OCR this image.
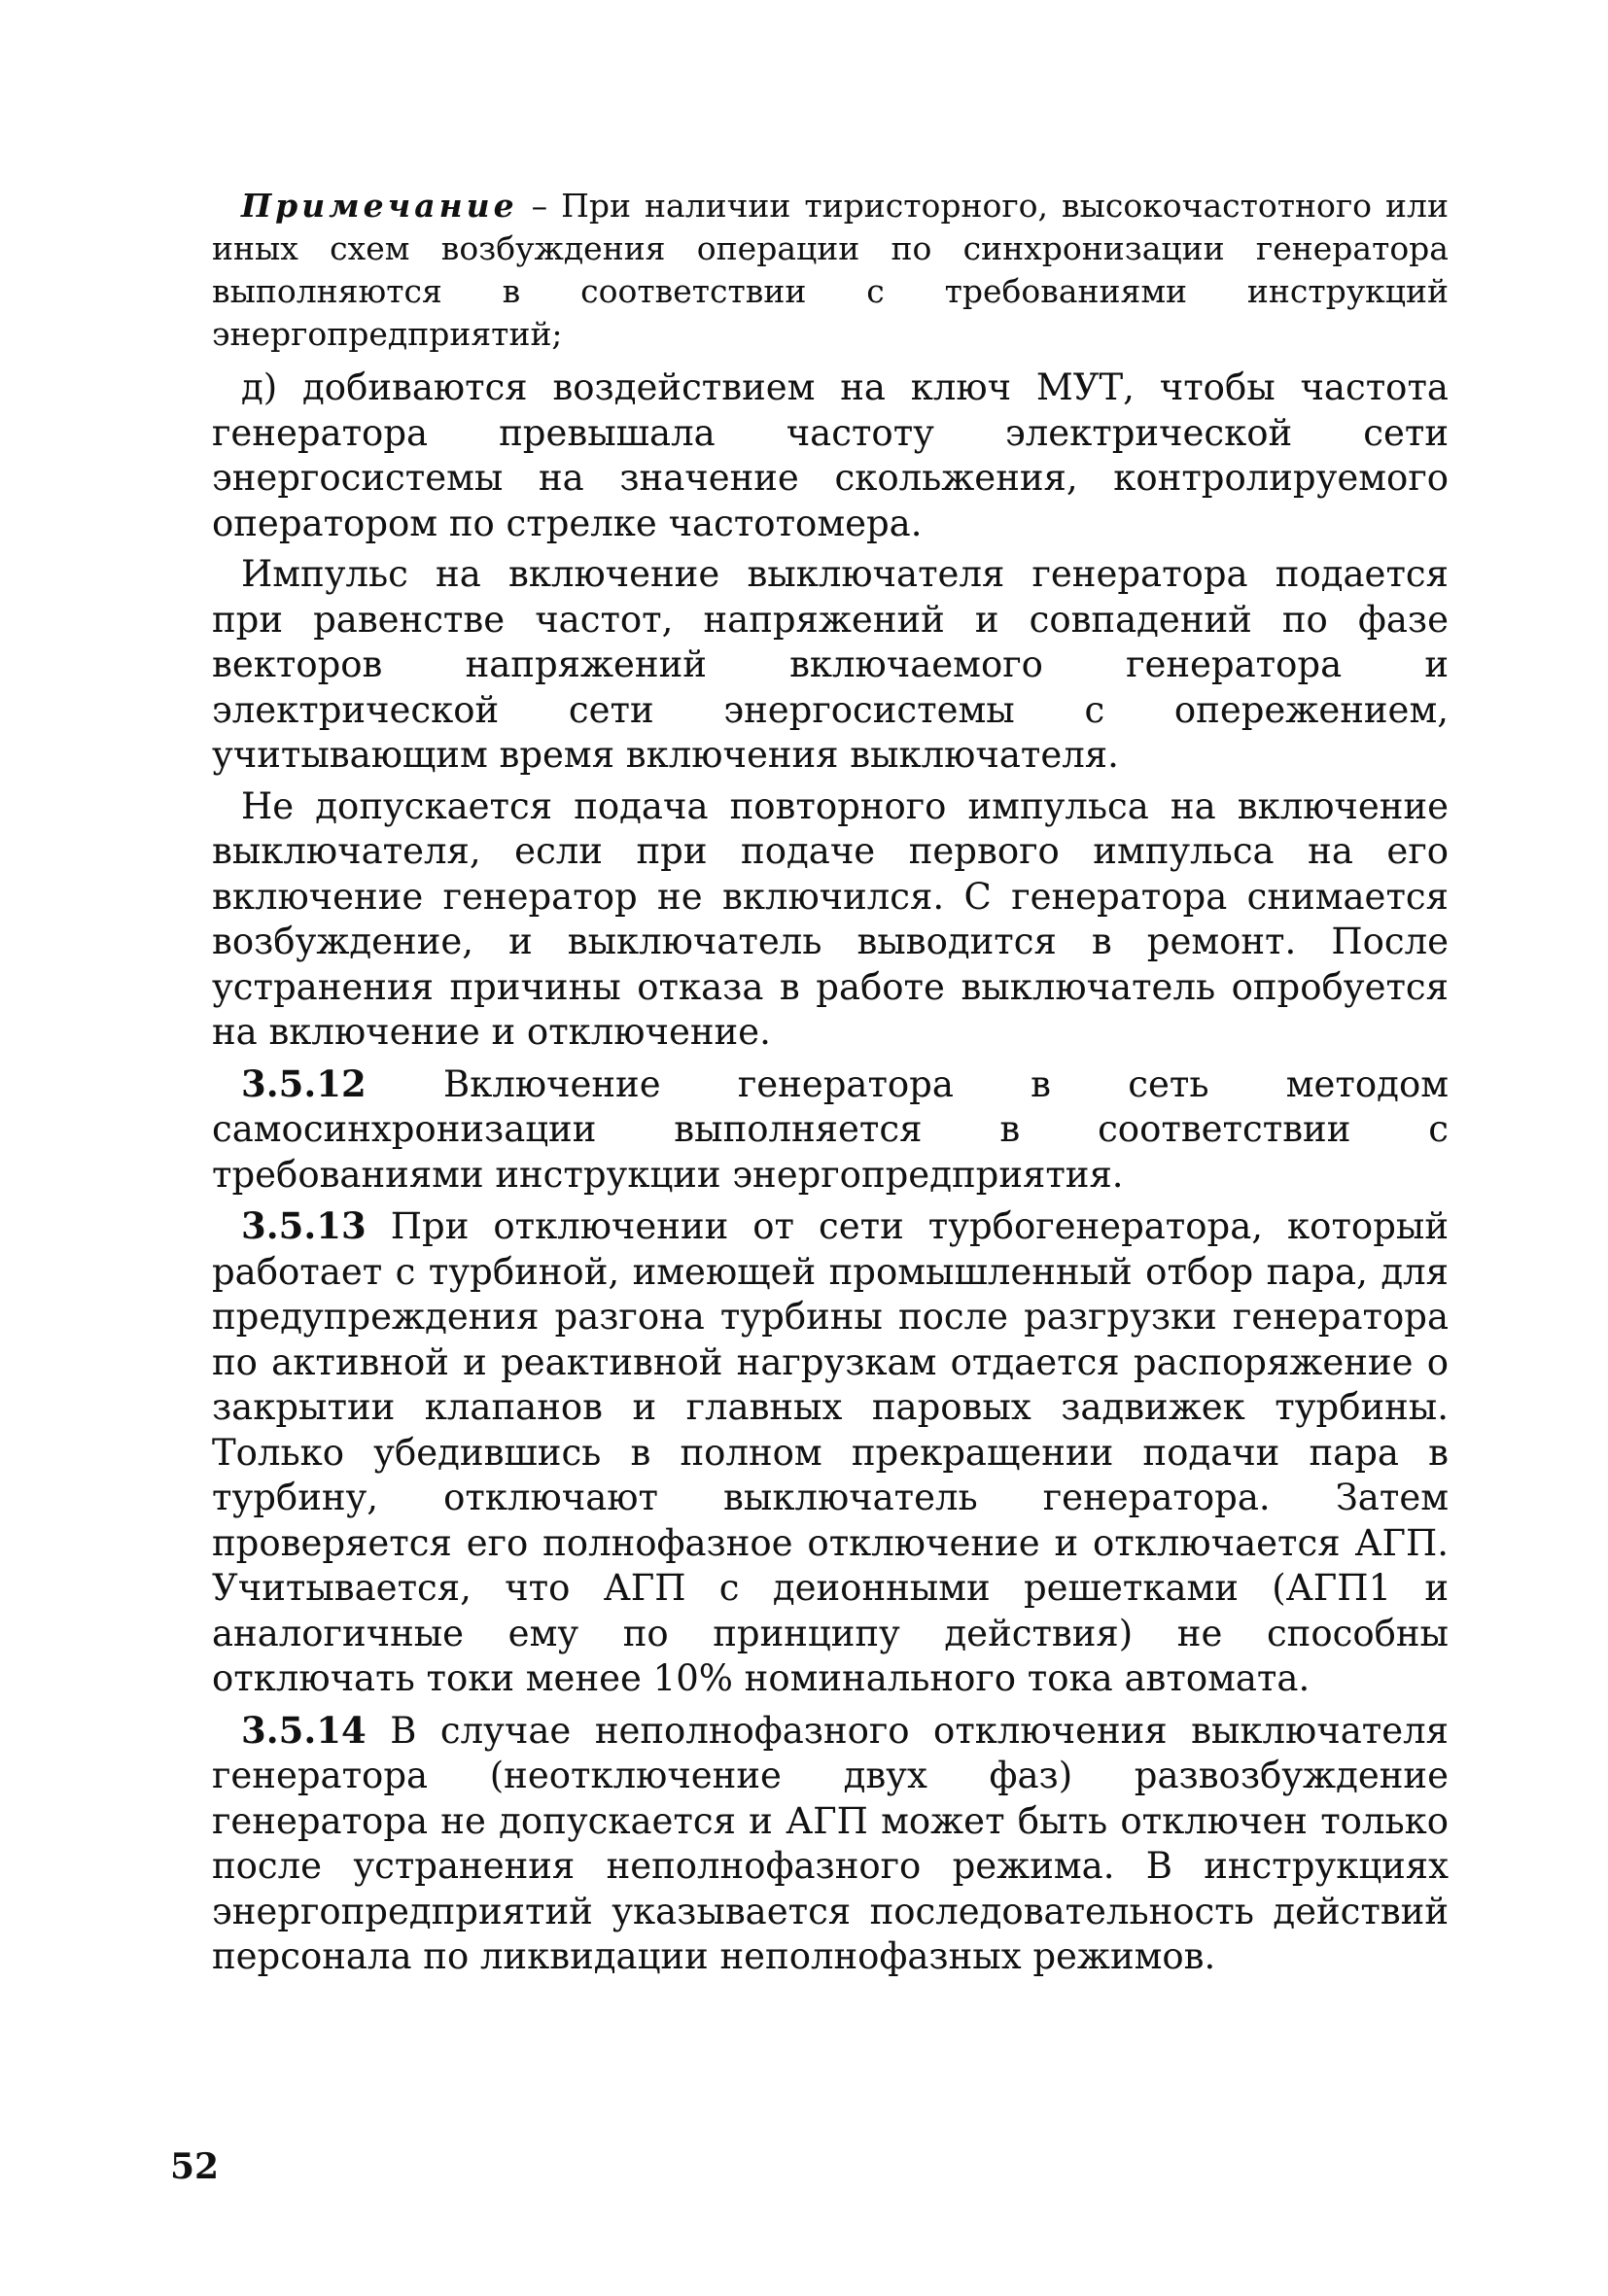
Примечание – При наличии тиристорного, высокочастотного или иных схем возбуждения операции по синхронизации генератора выполняются в соответствии с требованиями инструкций энергопредприятий;

д) добиваются воздействием на ключ МУТ, чтобы частота генератора превышала частоту электрической сети энергосистемы на значение скольжения, контролируемого оператором по стрелке частотомера.

Импульс на включение выключателя генератора подается при равенстве частот, напряжений и совпадений по фазе векторов напряжений включаемого генератора и электрической сети энергосистемы с опережением, учитывающим время включения выключателя.

Не допускается подача повторного импульса на включение выключателя, если при подаче первого импульса на его включение генератор не включился. С генератора снимается возбуждение, и выключатель выводится в ремонт. После устранения причины отказа в работе выключатель опробуется на включение и отключение.

3.5.12 Включение генератора в сеть методом самосинхронизации выполняется в соответствии с требованиями инструкции энергопредприятия.

3.5.13 При отключении от сети турбогенератора, который работает с турбиной, имеющей промышленный отбор пара, для предупреждения разгона турбины после разгрузки генератора по активной и реактивной нагрузкам отдается распоряжение о закрытии клапанов и главных паровых задвижек турбины. Только убедившись в полном прекращении подачи пара в турбину, отключают выключатель генератора. Затем проверяется его полнофазное отключение и отключается АГП. Учитывается, что АГП с деионными решетками (АГП1 и аналогичные ему по принципу действия) не способны отключать токи менее 10% номинального тока автомата.

3.5.14 В случае неполнофазного отключения выключателя генератора (неотключение двух фаз) развозбуждение генератора не допускается и АГП может быть отключен только после устранения неполнофазного режима. В инструкциях энергопредприятий указывается последовательность действий персонала по ликвидации неполнофазных режимов.

52
